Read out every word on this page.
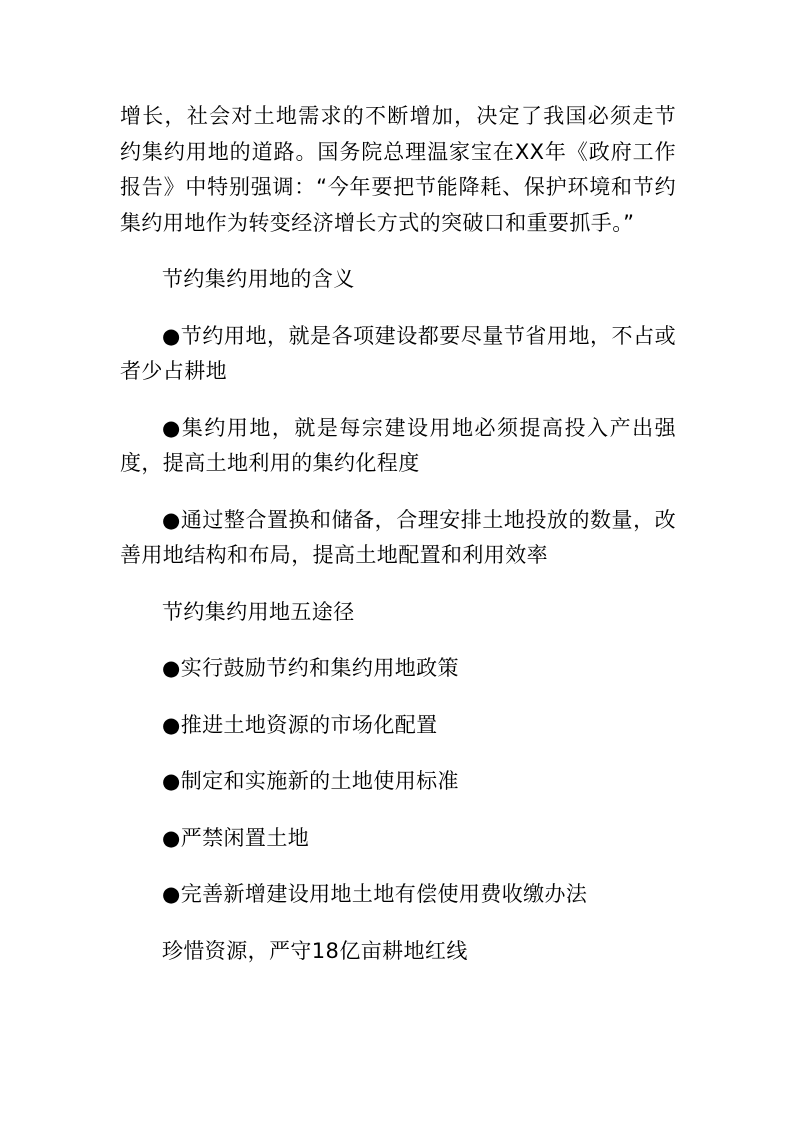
增长，社会对土地需求的不断增加，决定了我国必须走节约集约用地的道路。国务院总理温家宝在XX年《政府工作报告》中特别强调：“今年要把节能降耗、保护环境和节约集约用地作为转变经济增长方式的突破口和重要抓手。”

节约集约用地的含义

●节约用地，就是各项建设都要尽量节省用地，不占或者少占耕地

●集约用地，就是每宗建设用地必须提高投入产出强度，提高土地利用的集约化程度

●通过整合置换和储备，合理安排土地投放的数量，改善用地结构和布局，提高土地配置和利用效率

节约集约用地五途径

●实行鼓励节约和集约用地政策

●推进土地资源的市场化配置

●制定和实施新的土地使用标准

●严禁闲置土地

●完善新增建设用地土地有偿使用费收缴办法

珍惜资源，严守18亿亩耕地红线
